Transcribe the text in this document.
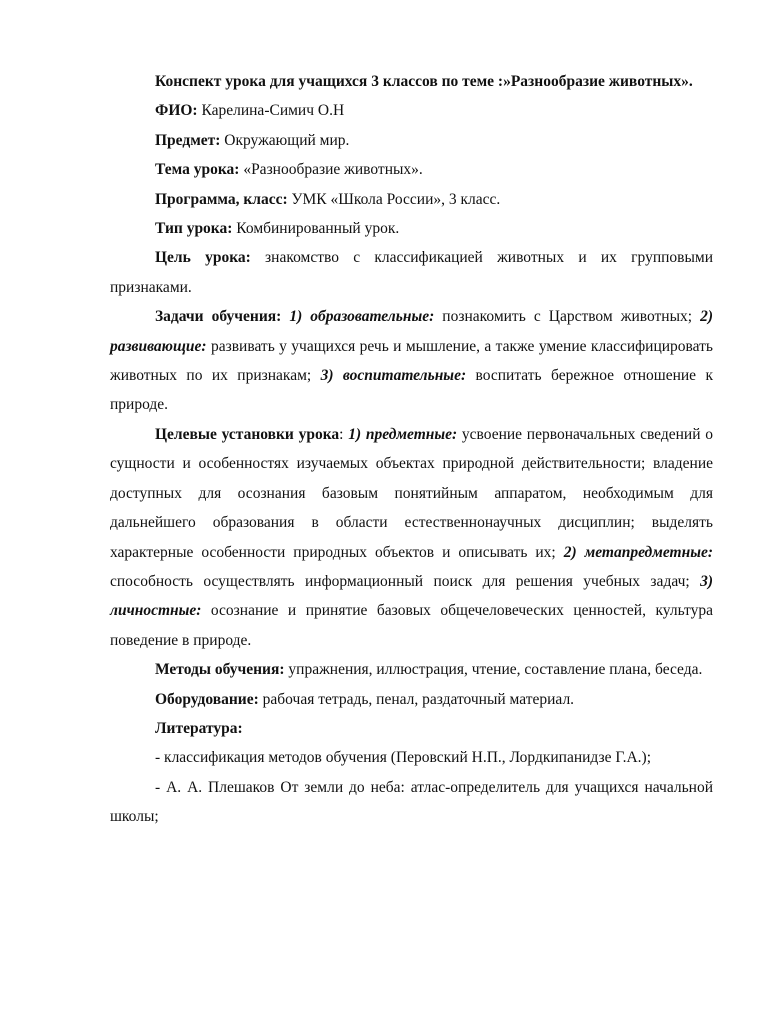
Конспект урока для учащихся 3 классов по теме :»Разнообразие животных».

ФИО: Карелина-Симич О.Н

Предмет: Окружающий мир.

Тема урока: «Разнообразие животных».

Программа, класс: УМК «Школа России», 3 класс.

Тип урока: Комбинированный урок.

Цель урока: знакомство с классификацией животных и их групповыми признаками.

Задачи обучения: 1) образовательные: познакомить с Царством животных; 2) развивающие: развивать у учащихся речь и мышление, а также умение классифицировать животных по их признакам; 3) воспитательные: воспитать бережное отношение к природе.

Целевые установки урока: 1) предметные: усвоение первоначальных сведений о сущности и особенностях изучаемых объектах природной действительности; владение доступных для осознания базовым понятийным аппаратом, необходимым для дальнейшего образования в области естественнонаучных дисциплин; выделять характерные особенности природных объектов и описывать их; 2) метапредметные: способность осуществлять информационный поиск для решения учебных задач; 3) личностные: осознание и принятие базовых общечеловеческих ценностей, культура поведение в природе.

Методы обучения: упражнения, иллюстрация, чтение, составление плана, беседа.

Оборудование: рабочая тетрадь, пенал, раздаточный материал.

Литература:

- классификация методов обучения (Перовский Н.П., Лордкипанидзе Г.А.);

- А. А. Плешаков От земли до неба: атлас-определитель для учащихся начальной школы;
